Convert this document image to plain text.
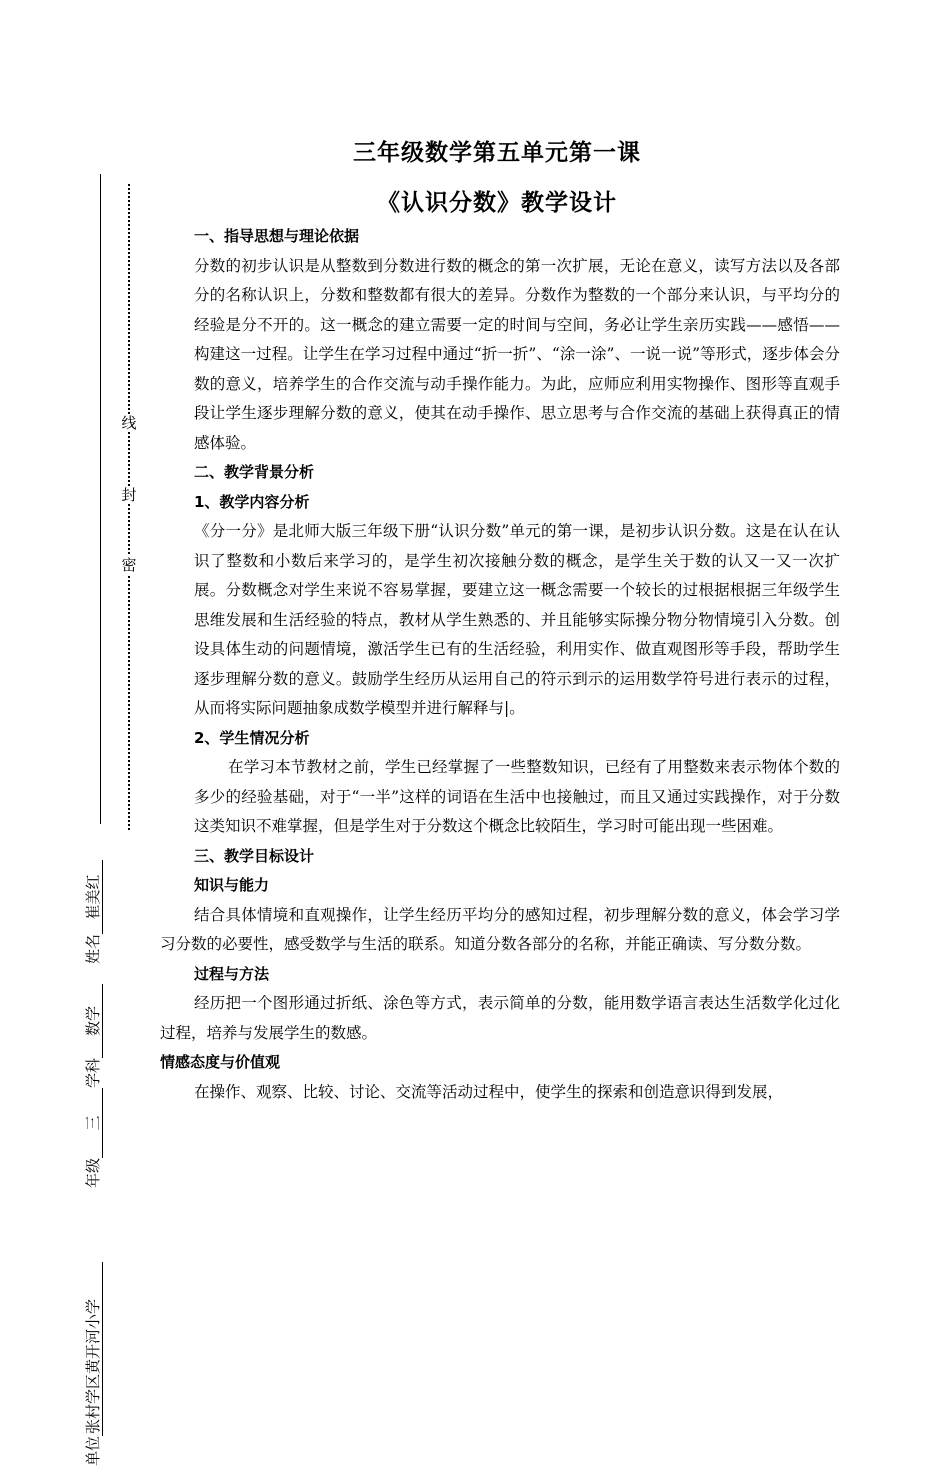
三年级数学第五单元第一课
《认识分数》教学设计
密
封
线
单位张村学区黄开河小学年级三学科数学姓名崔美红
一、指导思想与理论依据

分数的初步认识是从整数到分数进行数的概念的第一次扩展，无论在意义，读写方法以及各部分的名称认识上，分数和整数都有很大的差异。分数作为整数的一个部分来认识，与平均分的经验是分不开的。这一概念的建立需要一定的时间与空间，务必让学生亲历实践——感悟——构建这一过程。让学生在学习过程中通过“折一折”、“涂一涂”、一说一说”等形式，逐步体会分数的意义，培养学生的合作交流与动手操作能力。为此，应师应利用实物操作、图形等直观手段让学生逐步理解分数的意义，使其在动手操作、思立思考与合作交流的基础上获得真正的情感体验。

二、教学背景分析
1、教学内容分析

《分一分》是北师大版三年级下册“认识分数”单元的第一课，是初步认识分数。这是在认在认识了整数和小数后来学习的，是学生初次接触分数的概念，是学生关于数的认又一又一次扩展。分数概念对学生来说不容易掌握，要建立这一概念需要一个较长的过根据根据三年级学生思维发展和生活经验的特点，教材从学生熟悉的、并且能够实际操分物分物情境引入分数。创设具体生动的问题情境，激活学生已有的生活经验，利用实作、做直观图形等手段，帮助学生逐步理解分数的意义。鼓励学生经历从运用自己的符示到示的运用数学符号进行表示的过程，从而将实际问题抽象成数学模型并进行解释与|。

2、学生情况分析

在学习本节教材之前，学生已经掌握了一些整数知识，已经有了用整数来表示物体个数的多少的经验基础，对于“一半”这样的词语在生活中也接触过，而且又通过实践操作，对于分数这类知识不难掌握，但是学生对于分数这个概念比较陌生，学习时可能出现一些困难。

三、教学目标设计
知识与能力

结合具体情境和直观操作，让学生经历平均分的感知过程，初步理解分数的意义，体会学习学习分数的必要性，感受数学与生活的联系。知道分数各部分的名称，并能正确读、写分数分数。

过程与方法

经历把一个图形通过折纸、涂色等方式，表示简单的分数，能用数学语言表达生活数学化过化过程，培养与发展学生的数感。

情感态度与价值观

在操作、观察、比较、讨论、交流等活动过程中，使学生的探索和创造意识得到发展，
